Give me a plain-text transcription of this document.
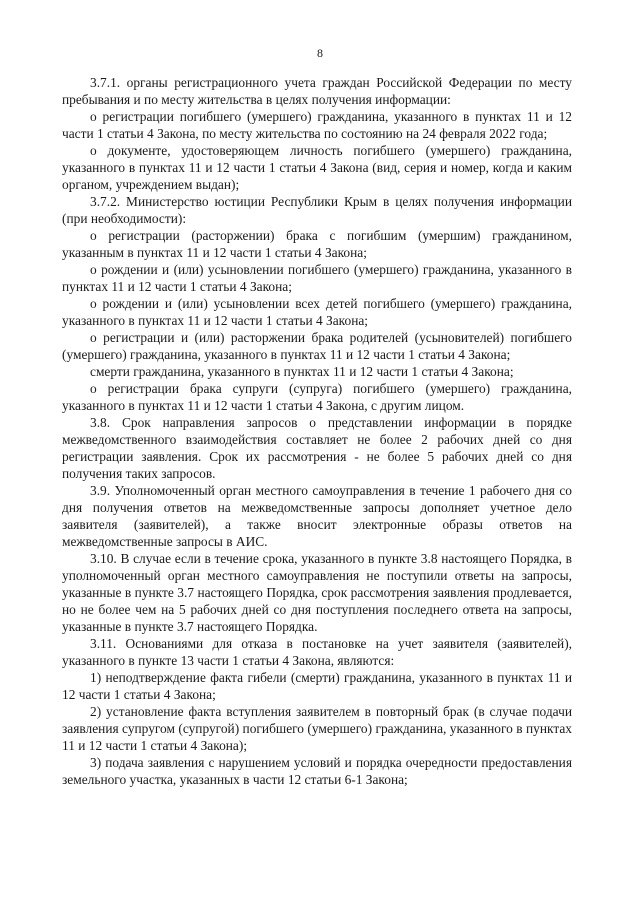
8

3.7.1. органы регистрационного учета граждан Российской Федерации по месту пребывания и по месту жительства в целях получения информации:

о регистрации погибшего (умершего) гражданина, указанного в пунктах 11 и 12 части 1 статьи 4 Закона, по месту жительства по состоянию на 24 февраля 2022 года;

о документе, удостоверяющем личность погибшего (умершего) гражданина, указанного в пунктах 11 и 12 части 1 статьи 4 Закона (вид, серия и номер, когда и каким органом, учреждением выдан);

3.7.2. Министерство юстиции Республики Крым в целях получения информации (при необходимости):

о регистрации (расторжении) брака с погибшим (умершим) гражданином, указанным в пунктах 11 и 12 части 1 статьи 4 Закона;

о рождении и (или) усыновлении погибшего (умершего) гражданина, указанного в пунктах 11 и 12 части 1 статьи 4 Закона;

о рождении и (или) усыновлении всех детей погибшего (умершего) гражданина, указанного в пунктах 11 и 12 части 1 статьи 4 Закона;

о регистрации и (или) расторжении брака родителей (усыновителей) погибшего (умершего) гражданина, указанного в пунктах 11 и 12 части 1 статьи 4 Закона;

смерти гражданина, указанного в пунктах 11 и 12 части 1 статьи 4 Закона;

о регистрации брака супруги (супруга) погибшего (умершего) гражданина, указанного в пунктах 11 и 12 части 1 статьи 4 Закона, с другим лицом.

3.8. Срок направления запросов о представлении информации в порядке межведомственного взаимодействия составляет не более 2 рабочих дней со дня регистрации заявления. Срок их рассмотрения - не более 5 рабочих дней со дня получения таких запросов.

3.9. Уполномоченный орган местного самоуправления в течение 1 рабочего дня со дня получения ответов на межведомственные запросы дополняет учетное дело заявителя (заявителей), а также вносит электронные образы ответов на межведомственные запросы в АИС.

3.10. В случае если в течение срока, указанного в пункте 3.8 настоящего Порядка, в уполномоченный орган местного самоуправления не поступили ответы на запросы, указанные в пункте 3.7 настоящего Порядка, срок рассмотрения заявления продлевается, но не более чем на 5 рабочих дней со дня поступления последнего ответа на запросы, указанные в пункте 3.7 настоящего Порядка.

3.11. Основаниями для отказа в постановке на учет заявителя (заявителей), указанного в пункте 13 части 1 статьи 4 Закона, являются:

1) неподтверждение факта гибели (смерти) гражданина, указанного в пунктах 11 и 12 части 1 статьи 4 Закона;

2) установление факта вступления заявителем в повторный брак (в случае подачи заявления супругом (супругой) погибшего (умершего) гражданина, указанного в пунктах 11 и 12 части 1 статьи 4 Закона);

3) подача заявления с нарушением условий и порядка очередности предоставления земельного участка, указанных в части 12 статьи 6-1 Закона;
